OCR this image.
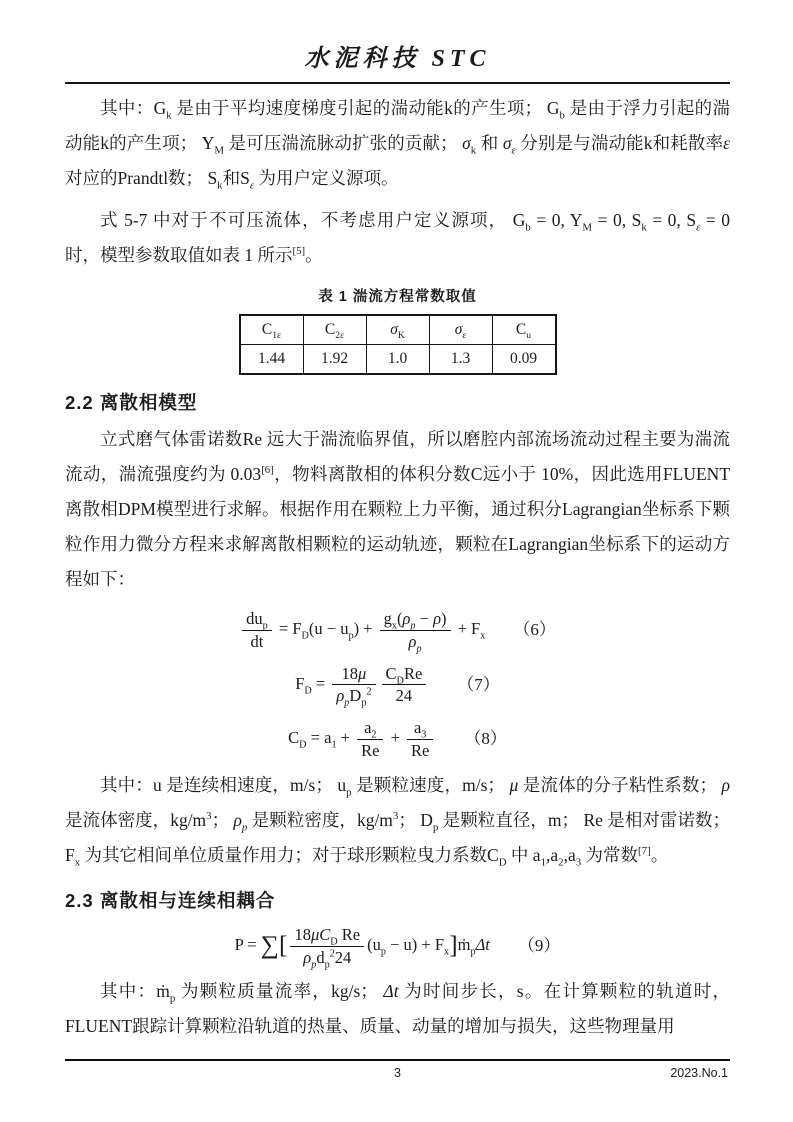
水泥科技 STC

其中：$G_k$ 是由于平均速度梯度引起的湍动能k的产生项； $G_b$ 是由于浮力引起的湍动能k的产生项； $Y_M$ 是可压湍流脉动扩张的贡献； $\sigma_k$ 和 $\sigma_\varepsilon$ 分别是与湍动能k和耗散率ε 对应的Prandtl数； $S_k$和$S_\varepsilon$ 为用户定义源项。

式 5-7 中对于不可压流体，不考虑用户定义源项， $G_b = 0$, $Y_M = 0$, $S_k = 0$, $S_\varepsilon = 0$ 时，模型参数取值如表 1 所示[5]。

表 1 湍流方程常数取值
$C_{1\varepsilon}$	$C_{2\varepsilon}$	$\sigma_K$	$\sigma_\varepsilon$	$C_u$
1.44	1.92	1.0	1.3	0.09
2.2 离散相模型

立式磨气体雷诺数Re 远大于湍流临界值，所以磨腔内部流场流动过程主要为湍流流动，湍流强度约为 0.03[6]，物料离散相的体积分数C远小于 10%，因此选用FLUENT离散相DPM模型进行求解。根据作用在颗粒上力平衡，通过积分Lagrangian坐标系下颗粒作用力微分方程来求解离散相颗粒的运动轨迹，颗粒在Lagrangian坐标系下的运动方程如下：

$\frac{du_p}{dt} = F_D(u - u_p) + \frac{g_x(\rho_p - \rho)}{\rho_p} + F_x$ （6）
$F_D = \frac{18\mu}{\rho_pD_p^2} \frac{C_DRe}{24} (7)$
$C_D = a_1 + \frac{a_2}{Re} + \frac{a_3}{Re} (8)$

其中：u 是连续相速度，m/s； $u_p$ 是颗粒速度，m/s； μ 是流体的分子粘性系数； ρ 是流体密度，$kg/m^3$； $\rho_p$ 是颗粒密度，$kg/m^3$； $D_p$ 是颗粒直径，m； Re 是相对雷诺数； $F_x$ 为其它相间单位质量作用力；对于球形颗粒曳力系数$C_D$ 中 $a_1,a_2,a_3$ 为常数[7]。

2.3 离散相与连续相耦合
P = ∑[ $\frac{18\mu C_D Re}{\rho_pd_p^224} (u_p - u)$ + $F_x]ṁ_p\Delta t$ （9）

其中：ṁ$_p$ 为颗粒质量流率，kg/s； Δt 为时间步长，s。在计算颗粒的轨道时，FLUENT跟踪计算颗粒沿轨道的热量、质量、动量的增加与损失，这些物理量用

3	2023.No.1
